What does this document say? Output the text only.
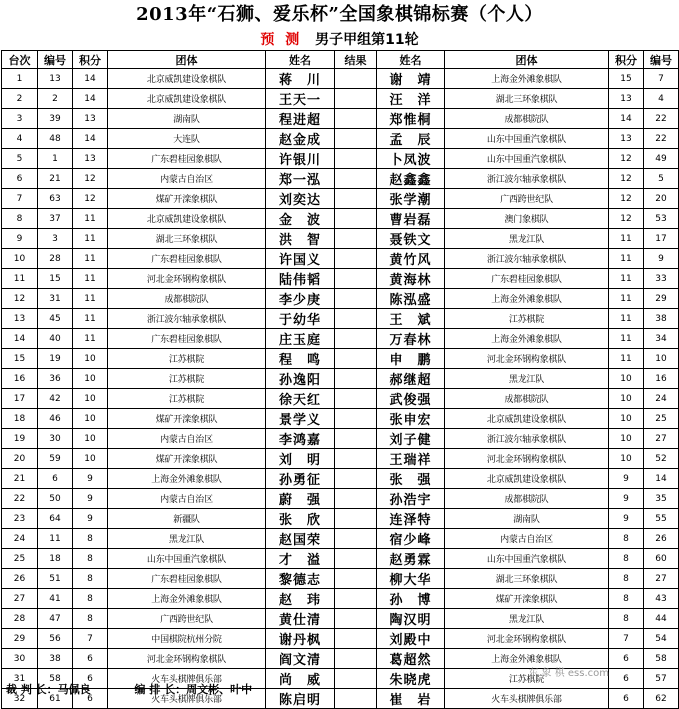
2013年“石狮、爱乐杯”全国象棋锦标赛（个人）
预 测 男子甲组第11轮
台次	编号	积分	团体	姓名	结果	姓名	团体	积分	编号
1	13	14	北京威凯建设象棋队	蒋　川		谢　靖	上海金外滩象棋队	15	7
2	2	14	北京威凯建设象棋队	王天一		汪　洋	湖北三环象棋队	13	4
3	39	13	湖南队	程进超		郑惟桐	成都棋院队	14	22
4	48	14	大连队	赵金成		孟　辰	山东中国重汽象棋队	13	22
5	1	13	广东碧桂园象棋队	许银川		卜凤波	山东中国重汽象棋队	12	49
6	21	12	内蒙古自治区	郑一泓		赵鑫鑫	浙江波尔轴承象棋队	12	5
7	63	12	煤矿开滦象棋队	刘奕达		张学潮	广西跨世纪队	12	20
8	37	11	北京威凯建设象棋队	金　波		曹岩磊	澳门象棋队	12	53
9	3	11	湖北三环象棋队	洪　智		聂铁文	黑龙江队	11	17
10	28	11	广东碧桂园象棋队	许国义		黄竹风	浙江波尔轴承象棋队	11	9
11	15	11	河北金环钢构象棋队	陆伟韬		黄海林	广东碧桂园象棋队	11	33
12	31	11	成都棋院队	李少庚		陈泓盛	上海金外滩象棋队	11	29
13	45	11	浙江波尔轴承象棋队	于幼华		王　斌	江苏棋院	11	38
14	40	11	广东碧桂园象棋队	庄玉庭		万春林	上海金外滩象棋队	11	34
15	19	10	江苏棋院	程　鸣		申　鹏	河北金环钢构象棋队	11	10
16	36	10	江苏棋院	孙逸阳		郝继超	黑龙江队	10	16
17	42	10	江苏棋院	徐天红		武俊强	成都棋院队	10	24
18	46	10	煤矿开滦象棋队	景学义		张申宏	北京威凯建设象棋队	10	25
19	30	10	内蒙古自治区	李鸿嘉		刘子健	浙江波尔轴承象棋队	10	27
20	59	10	煤矿开滦象棋队	刘　明		王瑞祥	河北金环钢构象棋队	10	52
21	6	9	上海金外滩象棋队	孙勇征		张　强	北京威凯建设象棋队	9	14
22	50	9	内蒙古自治区	蔚　强		孙浩宇	成都棋院队	9	35
23	64	9	新疆队	张　欣		连泽特	湖南队	9	55
24	11	8	黑龙江队	赵国荣		宿少峰	内蒙古自治区	8	26
25	18	8	山东中国重汽象棋队	才　溢		赵勇霖	山东中国重汽象棋队	8	60
26	51	8	广东碧桂园象棋队	黎德志		柳大华	湖北三环象棋队	8	27
27	41	8	上海金外滩象棋队	赵　玮		孙　博	煤矿开滦象棋队	8	43
28	47	8	广西跨世纪队	黄仕清		陶汉明	黑龙江队	8	44
29	56	7	中国棋院杭州分院	谢丹枫		刘殿中	河北金环钢构象棋队	7	54
30	38	6	河北金环钢构象棋队	阎文清		葛超然	上海金外滩象棋队	6	58
31	58	6	火车头棋牌俱乐部	尚　威		朱晓虎	江苏棋院	6	57
32	61	6	火车头棋牌俱乐部	陈启明		崔　岩	火车头棋牌俱乐部	6	62
东 象 棋 ess.com
裁 判 长：马佩良	编 排 长：周文彬、叶中
